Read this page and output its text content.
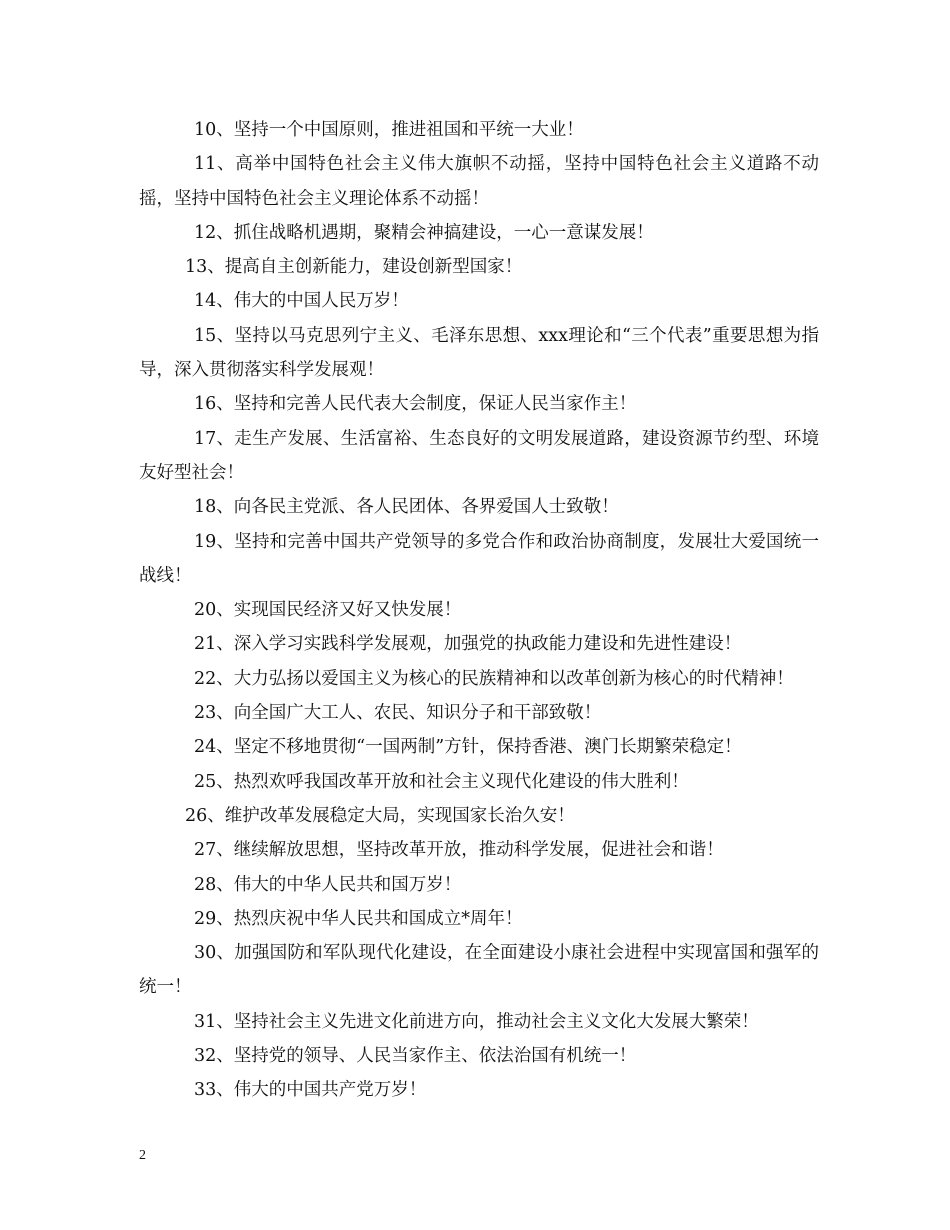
10、坚持一个中国原则，推进祖国和平统一大业！

11、高举中国特色社会主义伟大旗帜不动摇，坚持中国特色社会主义道路不动摇，坚持中国特色社会主义理论体系不动摇！

12、抓住战略机遇期，聚精会神搞建设，一心一意谋发展！

13、提高自主创新能力，建设创新型国家！

14、伟大的中国人民万岁！

15、坚持以马克思列宁主义、毛泽东思想、xxx理论和“三个代表”重要思想为指导，深入贯彻落实科学发展观！

16、坚持和完善人民代表大会制度，保证人民当家作主！

17、走生产发展、生活富裕、生态良好的文明发展道路，建设资源节约型、环境友好型社会！

18、向各民主党派、各人民团体、各界爱国人士致敬！

19、坚持和完善中国共产党领导的多党合作和政治协商制度，发展壮大爱国统一战线！

20、实现国民经济又好又快发展！

21、深入学习实践科学发展观，加强党的执政能力建设和先进性建设！

22、大力弘扬以爱国主义为核心的民族精神和以改革创新为核心的时代精神！

23、向全国广大工人、农民、知识分子和干部致敬！

24、坚定不移地贯彻“一国两制”方针，保持香港、澳门长期繁荣稳定！

25、热烈欢呼我国改革开放和社会主义现代化建设的伟大胜利！

26、维护改革发展稳定大局，实现国家长治久安！

27、继续解放思想，坚持改革开放，推动科学发展，促进社会和谐！

28、伟大的中华人民共和国万岁！

29、热烈庆祝中华人民共和国成立*周年！

30、加强国防和军队现代化建设，在全面建设小康社会进程中实现富国和强军的统一！

31、坚持社会主义先进文化前进方向，推动社会主义文化大发展大繁荣！

32、坚持党的领导、人民当家作主、依法治国有机统一！

33、伟大的中国共产党万岁！

2
